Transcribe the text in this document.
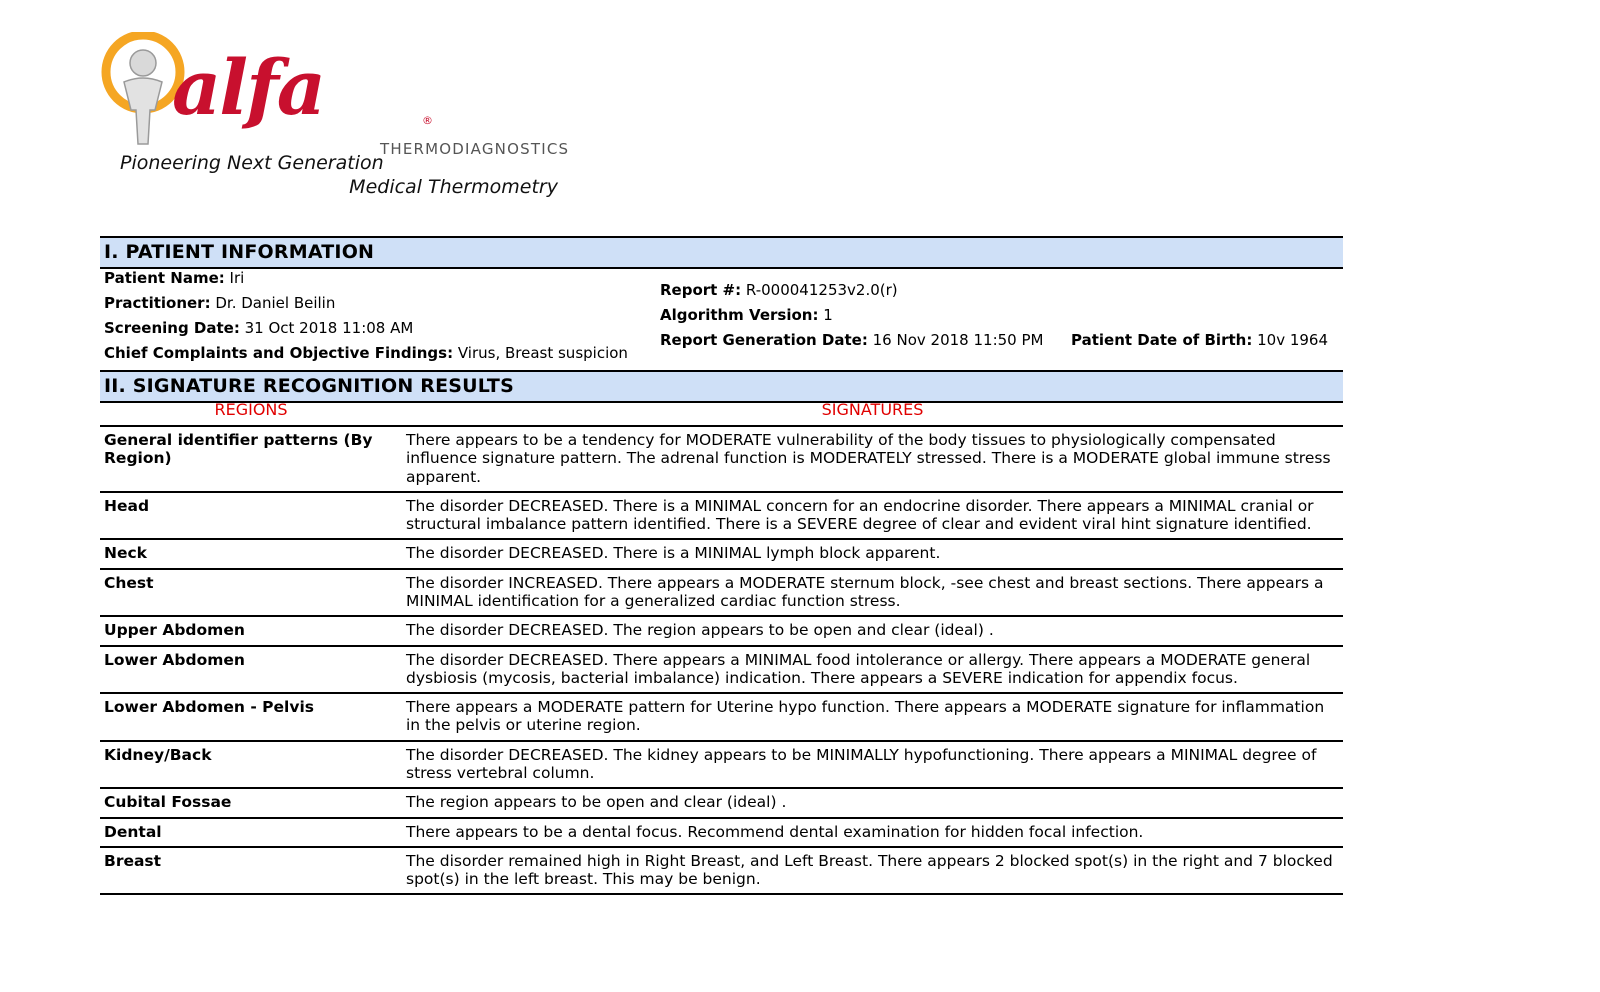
alfa	®
THERMODIAGNOSTICS
Pioneering Next Generation
Medical Thermometry
I. PATIENT INFORMATION
Patient Name: Iri
Practitioner: Dr. Daniel Beilin
Screening Date: 31 Oct 2018 11:08 AM
Chief Complaints and Objective Findings: Virus, Breast suspicion
Report #: R-000041253v2.0(r)
Algorithm Version: 1
Report Generation Date: 16 Nov 2018 11:50 PM Patient Date of Birth: 10v 1964
II. SIGNATURE RECOGNITION RESULTS
REGIONS	SIGNATURES
General identifier patterns (By Region)	There appears to be a tendency for MODERATE vulnerability of the body tissues to physiologically compensated influence signature pattern. The adrenal function is MODERATELY stressed. There is a MODERATE global immune stress apparent.
Head	The disorder DECREASED. There is a MINIMAL concern for an endocrine disorder. There appears a MINIMAL cranial or structural imbalance pattern identified. There is a SEVERE degree of clear and evident viral hint signature identified.
Neck	The disorder DECREASED. There is a MINIMAL lymph block apparent.
Chest	The disorder INCREASED. There appears a MODERATE sternum block, -see chest and breast sections. There appears a MINIMAL identification for a generalized cardiac function stress.
Upper Abdomen	The disorder DECREASED. The region appears to be open and clear (ideal) .
Lower Abdomen	The disorder DECREASED. There appears a MINIMAL food intolerance or allergy. There appears a MODERATE general dysbiosis (mycosis, bacterial imbalance) indication. There appears a SEVERE indication for appendix focus.
Lower Abdomen - Pelvis	There appears a MODERATE pattern for Uterine hypo function. There appears a MODERATE signature for inflammation in the pelvis or uterine region.
Kidney/Back	The disorder DECREASED. The kidney appears to be MINIMALLY hypofunctioning. There appears a MINIMAL degree of stress vertebral column.
Cubital Fossae	The region appears to be open and clear (ideal) .
Dental	There appears to be a dental focus. Recommend dental examination for hidden focal infection.
Breast	The disorder remained high in Right Breast, and Left Breast. There appears 2 blocked spot(s) in the right and 7 blocked spot(s) in the left breast. This may be benign.
